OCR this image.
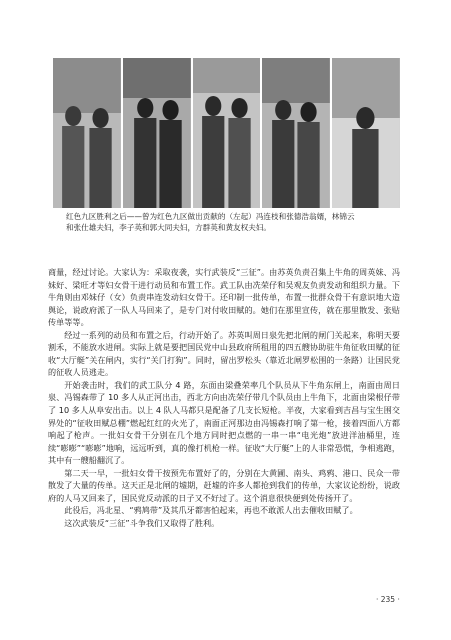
红色九区胜利之后——曾为红色九区做出贡献的（左起）冯连枝和张德浩翁婿，林锦云
和张仕雄夫妇，李子英和郭大同夫妇，方群英和黄友权夫妇。

商量，经过讨论。大家认为：采取夜袭，实行武装反“三征”。由苏英负责召集上牛角的周英妹、冯妹好、梁旺才等妇女骨干进行动员和布置工作。武工队由冼荣仔和吴观友负责发动和组织力量。下牛角则由邓妹仔（女）负责串连发动妇女骨干。还印制一批传单，布置一批群众骨干有意识地大造舆论，说政府派了一队人马回来了，是专门对付收田赋的。她们在那里宣传，就在那里散发、张贴传单等等。

经过一系列的动员和布置之后，行动开始了。苏英叫周日泉先把北闸的闸门关起来，称明天要割禾，不能放水进闸。实际上就是要把国民党中山县政府所租用的四五艘协助驻牛角征收田赋的征收“大厅艇”关在闸内，实行“关门打狗”。同时，留出罗松头（靠近北闸罗松围的一条路）让国民党的征收人员逃走。

开始袭击时，我们的武工队分 4 路，东面由梁叠荣率几个队员从下牛角东闸上，南面由周日泉、冯锡森带了 10 多人从正河出击，西北方向由冼荣仔带几个队员由上牛角下，北面由梁根仔带了 10 多人从阜安出击。以上 4 队人马都只是配备了几支长短枪。半夜，大家看到吉昌与宝生围交界处的“征收田赋总棚”燃起红红的火光了，南面正河那边由冯锡森打响了第一枪，接着四面八方都响起了枪声。一批妇女骨干分别在几个地方同时把点燃的一串一串“电光炮”放进洋油桶里，连续“嘭嘭”“嘭嘭”地响，远远听到，真的像打机枪一样。征收“大厅艇”上的人非常恐慌，争相逃跑，其中有一艘船翻沉了。

第二天一早，一批妇女骨干按预先布置好了的，分别在大黄圃、南头、鸡鸦、港口、民众一带散发了大量的传单。这天正是北闸的墟期，赶墟的许多人都抢到我们的传单，大家议论纷纷，说政府的人马又回来了，国民党反动派的日子又不好过了。这个消息很快便到处传扬开了。

此役后，冯北星、“鸦鸠带”及其爪牙都害怕起来，再也不敢派人出去催收田赋了。

这次武装反“三征”斗争我们又取得了胜利。

· 235 ·
